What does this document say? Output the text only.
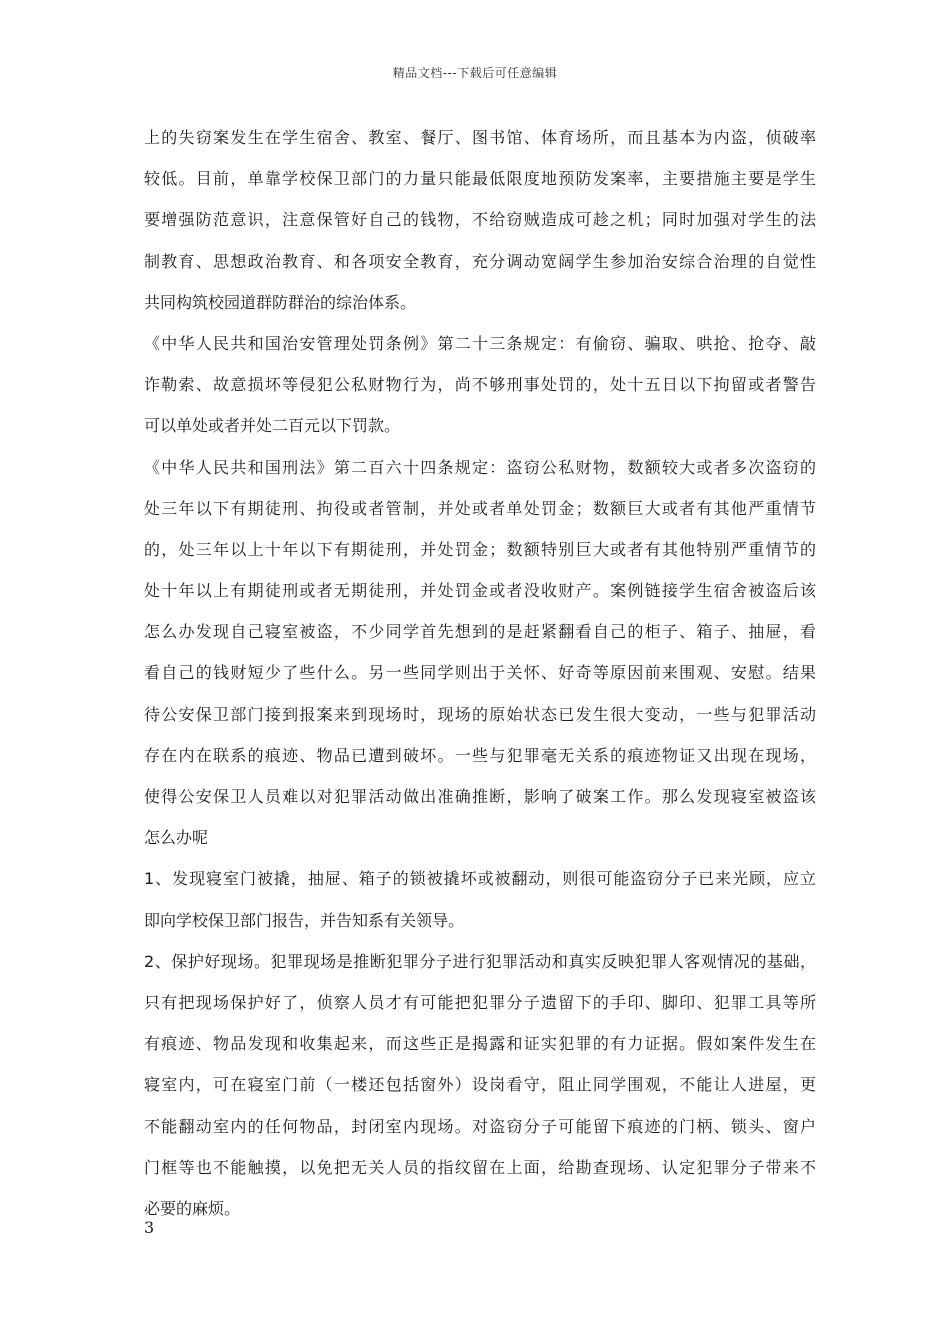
精品文档---下载后可任意编辑
上的失窃案发生在学生宿舍、教室、餐厅、图书馆、体育场所，而且基本为内盗，侦破率
较低。目前，单靠学校保卫部门的力量只能最低限度地预防发案率，主要措施主要是学生
要增强防范意识，注意保管好自己的钱物，不给窃贼造成可趁之机；同时加强对学生的法
制教育、思想政治教育、和各项安全教育，充分调动宽阔学生参加治安综合治理的自觉性
共同构筑校园道群防群治的综治体系。
《中华人民共和国治安管理处罚条例》第二十三条规定：有偷窃、骗取、哄抢、抢夺、敲
诈勒索、故意损坏等侵犯公私财物行为，尚不够刑事处罚的，处十五日以下拘留或者警告
可以单处或者并处二百元以下罚款。
《中华人民共和国刑法》第二百六十四条规定：盗窃公私财物，数额较大或者多次盗窃的
处三年以下有期徒刑、拘役或者管制，并处或者单处罚金；数额巨大或者有其他严重情节
的，处三年以上十年以下有期徒刑，并处罚金；数额特别巨大或者有其他特别严重情节的
处十年以上有期徒刑或者无期徒刑，并处罚金或者没收财产。案例链接学生宿舍被盗后该
怎么办发现自己寝室被盗，不少同学首先想到的是赶紧翻看自己的柜子、箱子、抽屉，看
看自己的钱财短少了些什么。另一些同学则出于关怀、好奇等原因前来围观、安慰。结果
待公安保卫部门接到报案来到现场时，现场的原始状态已发生很大变动，一些与犯罪活动
存在内在联系的痕迹、物品已遭到破坏。一些与犯罪毫无关系的痕迹物证又出现在现场，
使得公安保卫人员难以对犯罪活动做出准确推断，影响了破案工作。那么发现寝室被盗该
怎么办呢
1、发现寝室门被撬，抽屉、箱子的锁被撬坏或被翻动，则很可能盗窃分子已来光顾，应立
即向学校保卫部门报告，并告知系有关领导。
2、保护好现场。犯罪现场是推断犯罪分子进行犯罪活动和真实反映犯罪人客观情况的基础，
只有把现场保护好了，侦察人员才有可能把犯罪分子遗留下的手印、脚印、犯罪工具等所
有痕迹、物品发现和收集起来，而这些正是揭露和证实犯罪的有力证据。假如案件发生在
寝室内，可在寝室门前（一楼还包括窗外）设岗看守，阻止同学围观，不能让人进屋，更
不能翻动室内的任何物品，封闭室内现场。对盗窃分子可能留下痕迹的门柄、锁头、窗户
门框等也不能触摸，以免把无关人员的指纹留在上面，给勘查现场、认定犯罪分子带来不
必要的麻烦。
3
